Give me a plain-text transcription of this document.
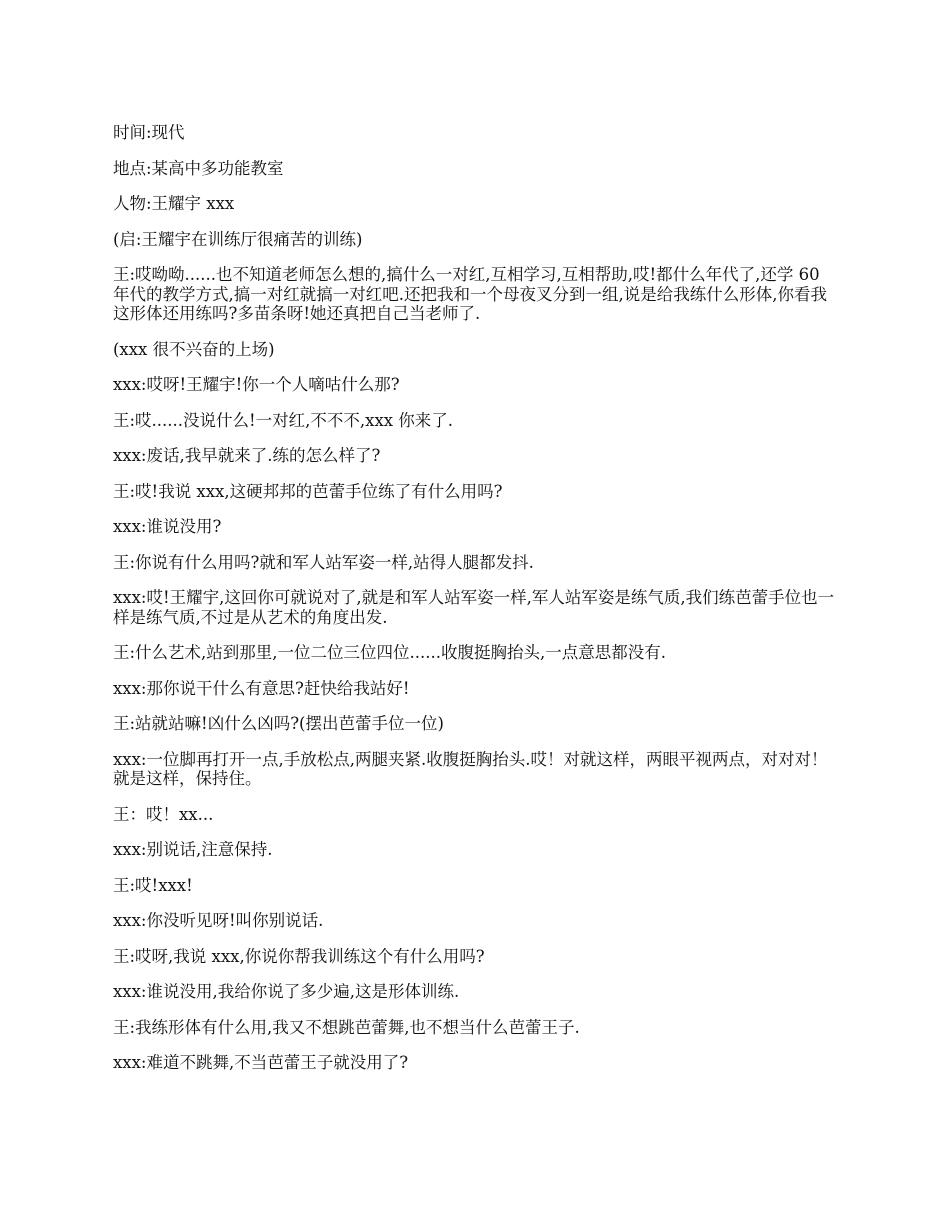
时间:现代

地点:某高中多功能教室

人物:王耀宇 xxx

(启:王耀宇在训练厅很痛苦的训练)

王:哎呦呦......也不知道老师怎么想的,搞什么一对红,互相学习,互相帮助,哎!都什么年代了,还学 60 年代的教学方式,搞一对红就搞一对红吧.还把我和一个母夜叉分到一组,说是给我练什么形体,你看我这形体还用练吗?多苗条呀!她还真把自己当老师了.

(xxx 很不兴奋的上场)

xxx:哎呀!王耀宇!你一个人嘀咕什么那?

王:哎......没说什么!一对红,不不不,xxx 你来了.

xxx:废话,我早就来了.练的怎么样了?

王:哎!我说 xxx,这硬邦邦的芭蕾手位练了有什么用吗?

xxx:谁说没用?

王:你说有什么用吗?就和军人站军姿一样,站得人腿都发抖.

xxx:哎!王耀宇,这回你可就说对了,就是和军人站军姿一样,军人站军姿是练气质,我们练芭蕾手位也一样是练气质,不过是从艺术的角度出发.

王:什么艺术,站到那里,一位二位三位四位......收腹挺胸抬头,一点意思都没有.

xxx:那你说干什么有意思?赶快给我站好!

王:站就站嘛!凶什么凶吗?(摆出芭蕾手位一位)

xxx:一位脚再打开一点,手放松点,两腿夹紧.收腹挺胸抬头.哎！对就这样，两眼平视两点，对对对！就是这样，保持住。

王：哎！xx...

xxx:别说话,注意保持.

王:哎!xxx!

xxx:你没听见呀!叫你别说话.

王:哎呀,我说 xxx,你说你帮我训练这个有什么用吗?

xxx:谁说没用,我给你说了多少遍,这是形体训练.

王:我练形体有什么用,我又不想跳芭蕾舞,也不想当什么芭蕾王子.

xxx:难道不跳舞,不当芭蕾王子就没用了?
